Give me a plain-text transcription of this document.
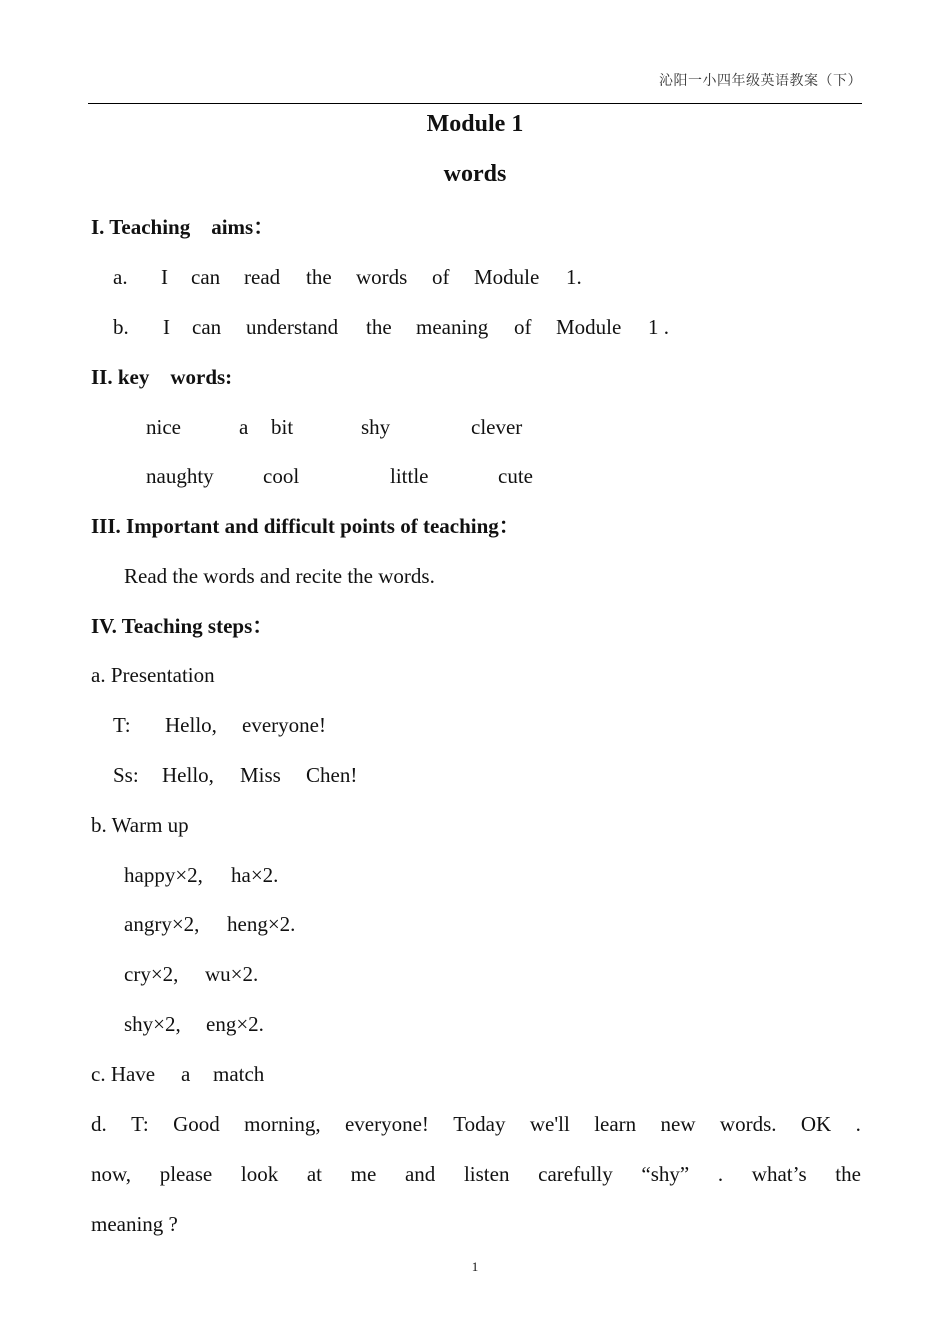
沁阳一小四年级英语教案（下）
Module 1
words
I. Teaching　aims：
a. I can read the words of Module 1.
b. I can understand the meaning of Module 1 .
II. key　words:
nice	a bit	shy	clever
naughty cool	little	cute
III. Important and difficult points of teaching：
Read the words and recite the words.
IV. Teaching steps：
a. Presentation
T: Hello, everyone!
Ss: Hello, Miss Chen!
b. Warm up
happy×2, ha×2.
angry×2, heng×2.
cry×2, wu×2.
shy×2, eng×2.
c. Have a match
d. T: Good morning, everyone! Today we'll learn new words. OK .
now, please look at me and listen carefully “shy” . what’s the
meaning ?
1
